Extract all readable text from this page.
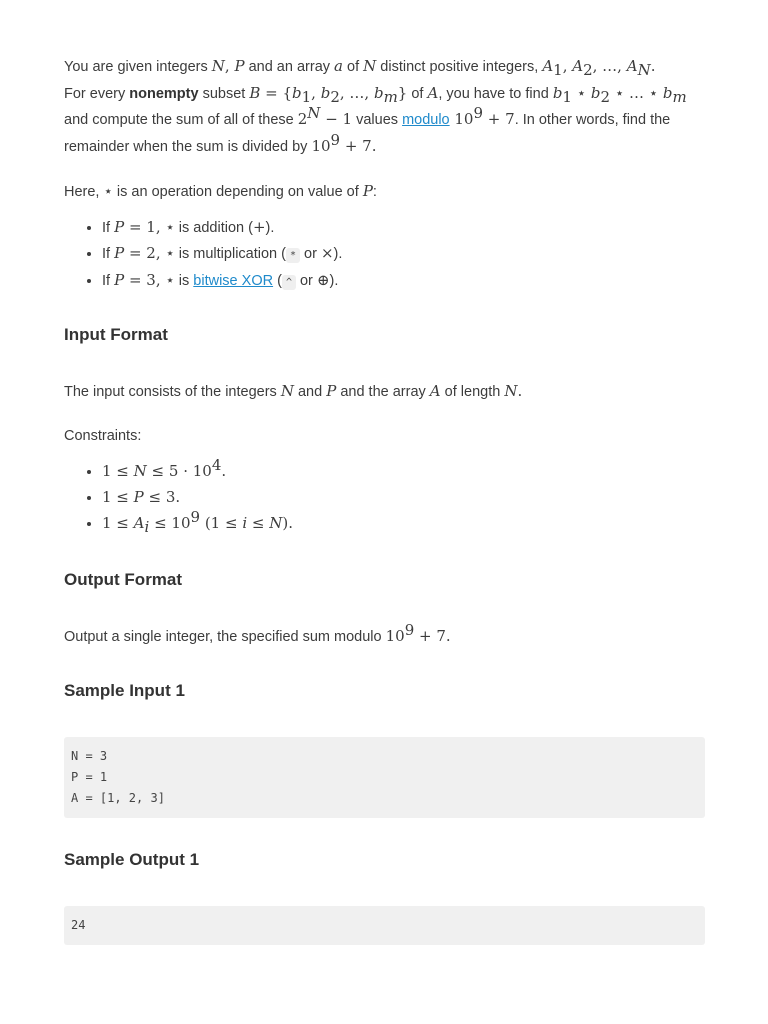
You are given integers N, P and an array a of N distinct positive integers, $A_1$, $A_2$, …, $A_N$.
For every nonempty subset $B = \{b_1$, $b_2$, …, $b_m$} of A, you have to find $b_1$ ⋆ $b_2$ ⋆ … ⋆ $b_m$
and compute the sum of all of these $2^N - 1$ values modulo $10^9 + 7$. In other words, find the
remainder when the sum is divided by $10^9 + 7$.

Here, ⋆ is an operation depending on value of P:

• If P = 1, ⋆ is addition (+).
• If P = 2, ⋆ is multiplication ( * or ×).
• If P = 3, ⋆ is bitwise XOR ( ^ or ⊕).
Input Format

The input consists of the integers N and P and the array A of length N.

Constraints:

• $1 \le N \le 5 \cdot 10^4$.
• 1 ≤ P ≤ 3.
• $1 \le A_i \le 10^9$ (1 ≤ i ≤ N).
Output Format

Output a single integer, the specified sum modulo $10^9 + 7$.

Sample Input 1
N = 3
P = 1
A = [1, 2, 3]
Sample Output 1
24
